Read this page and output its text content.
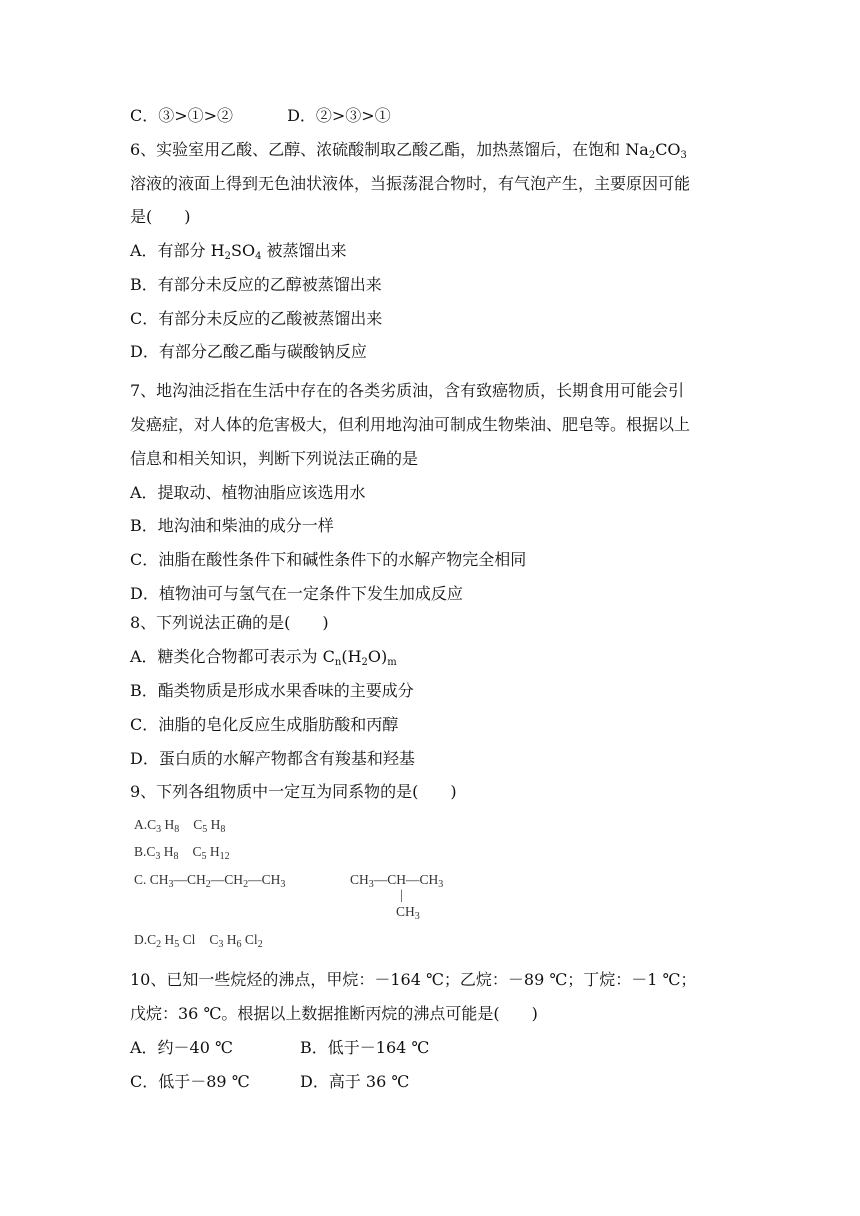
C．③>①>②	D．②>③>①
6、实验室用乙酸、乙醇、浓硫酸制取乙酸乙酯，加热蒸馏后，在饱和 $Na_2CO_3$
溶液的液面上得到无色油状液体，当振荡混合物时，有气泡产生，主要原因可能
是(　　)
A．有部分 $H_2SO_4$ 被蒸馏出来
B．有部分未反应的乙醇被蒸馏出来
C．有部分未反应的乙酸被蒸馏出来
D．有部分乙酸乙酯与碳酸钠反应
7、地沟油泛指在生活中存在的各类劣质油，含有致癌物质，长期食用可能会引
发癌症，对人体的危害极大，但利用地沟油可制成生物柴油、肥皂等。根据以上
信息和相关知识，判断下列说法正确的是
A．提取动、植物油脂应该选用水
B．地沟油和柴油的成分一样
C．油脂在酸性条件下和碱性条件下的水解产物完全相同
D．植物油可与氢气在一定条件下发生加成反应
8、下列说法正确的是(　　)
A．糖类化合物都可表示为 $C_n(H_2O)_m$
B．酯类物质是形成水果香味的主要成分
C．油脂的皂化反应生成脂肪酸和丙醇
D．蛋白质的水解产物都含有羧基和羟基
9、下列各组物质中一定互为同系物的是(　　)
$A.C_3$ $H_8$ $C_5$ $H_8$
$B.C_3$ $H_8$ $C_5$ $H_{12}$
C. $CH_3—CH_2—CH_2—CH_3$	$CH_3—CH—CH_3$
|
$CH_3$
$D.C_2$ $H_5$ Cl $C_3$ $H_6$ $Cl_2$
10、已知一些烷烃的沸点，甲烷：－164 ℃；乙烷：－89 ℃；丁烷：－1 ℃；
戊烷：36 ℃。根据以上数据推断丙烷的沸点可能是(　　)
A．约－40 ℃	B．低于－164 ℃
C．低于－89 ℃	D．高于 36 ℃
